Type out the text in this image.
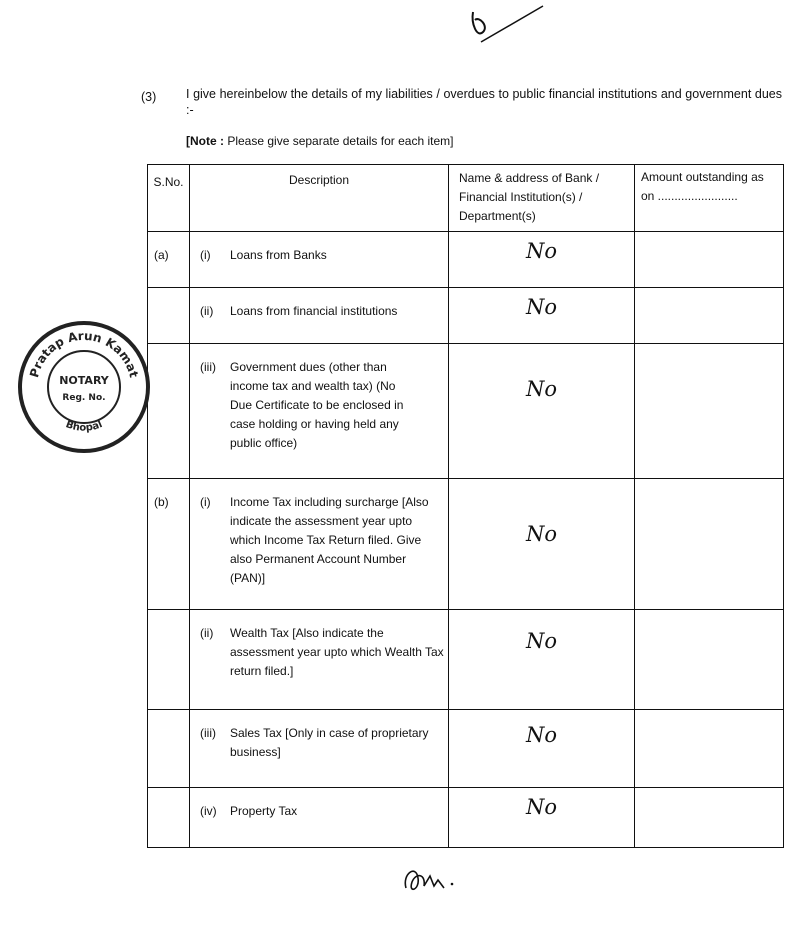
(3) I give hereinbelow the details of my liabilities / overdues to public financial institutions and government dues :-
[Note : Please give separate details for each item]
S.No.	Description	Name & address of Bank / Financial Institution(s) / Department(s)	Amount outstanding as on ........................
(a)	(i) Loans from Banks	No	

	(ii) Loans from financial institutions	No	

	(iii) Government dues (other than income tax and wealth tax) (No Due Certificate to be enclosed in case holding or having held any public office)	No	
(b)	(i) Income Tax including surcharge [Also indicate the assessment year upto which Income Tax Return filed. Give also Permanent Account Number (PAN)]	No	

	(ii) Wealth Tax [Also indicate the assessment year upto which Wealth Tax return filed.]	No	

	(iii) Sales Tax [Only in case of proprietary business]	No	

	(iv) Property Tax	No	
Pratap Arun Kamat
Bhopal
NOTARY
Reg. No.
